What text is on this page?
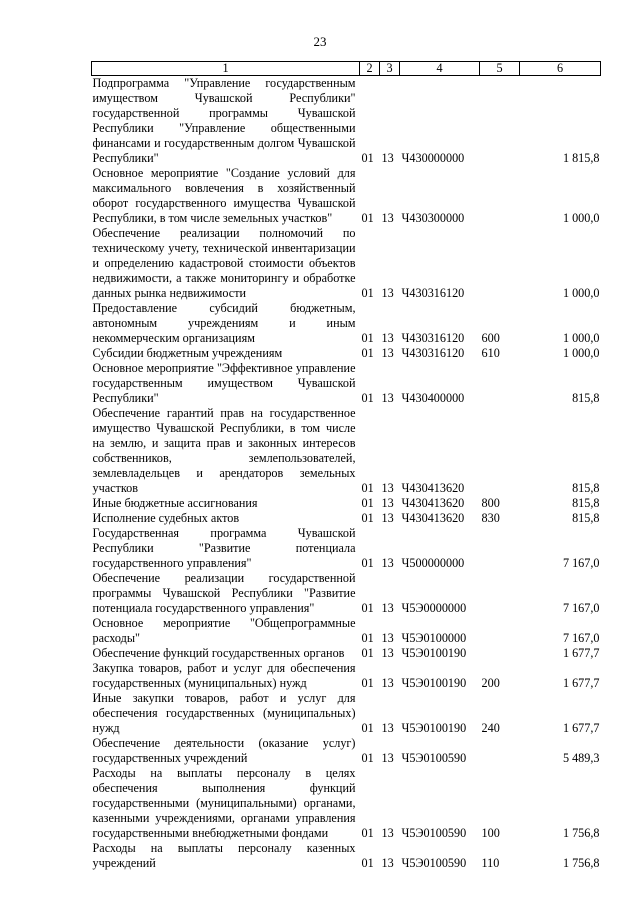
23
1	2	3	4	5	6
Подпрограмма "Управление государственным имуществом Чувашской Республики" государственной программы Чувашской Республики "Управление общественными финансами и государственным долгом Чувашской Республики"	01	13	Ч430000000		1 815,8
Основное мероприятие "Создание условий для максимального вовлечения в хозяйственный оборот государственного имущества Чувашской Республики, в том числе земельных участков"	01	13	Ч430300000		1 000,0
Обеспечение реализации полномочий по техническому учету, технической инвентаризации и определению кадастровой стоимости объектов недвижимости, а также мониторингу и обработке данных рынка недвижимости	01	13	Ч430316120		1 000,0
Предоставление субсидий бюджетным, автономным учреждениям и иным некоммерческим организациям	01	13	Ч430316120	600	1 000,0
Субсидии бюджетным учреждениям	01	13	Ч430316120	610	1 000,0
Основное мероприятие "Эффективное управление государственным имуществом Чувашской Республики"	01	13	Ч430400000		815,8
Обеспечение гарантий прав на государственное имущество Чувашской Республики, в том числе на землю, и защита прав и законных интересов собственников, землепользователей, землевладельцев и арендаторов земельных участков	01	13	Ч430413620		815,8
Иные бюджетные ассигнования	01	13	Ч430413620	800	815,8
Исполнение судебных актов	01	13	Ч430413620	830	815,8
Государственная программа Чувашской Республики "Развитие потенциала государственного управления"	01	13	Ч500000000		7 167,0
Обеспечение реализации государственной программы Чувашской Республики "Развитие потенциала государственного управления"	01	13	Ч5Э0000000		7 167,0
Основное мероприятие "Общепрограммные расходы"	01	13	Ч5Э0100000		7 167,0
Обеспечение функций государственных органов	01	13	Ч5Э0100190		1 677,7
Закупка товаров, работ и услуг для обеспечения государственных (муниципальных) нужд	01	13	Ч5Э0100190	200	1 677,7
Иные закупки товаров, работ и услуг для обеспечения государственных (муниципальных) нужд	01	13	Ч5Э0100190	240	1 677,7
Обеспечение деятельности (оказание услуг) государственных учреждений	01	13	Ч5Э0100590		5 489,3
Расходы на выплаты персоналу в целях обеспечения выполнения функций государственными (муниципальными) органами, казенными учреждениями, органами управления государственными внебюджетными фондами	01	13	Ч5Э0100590	100	1 756,8
Расходы на выплаты персоналу казенных учреждений	01	13	Ч5Э0100590	110	1 756,8
